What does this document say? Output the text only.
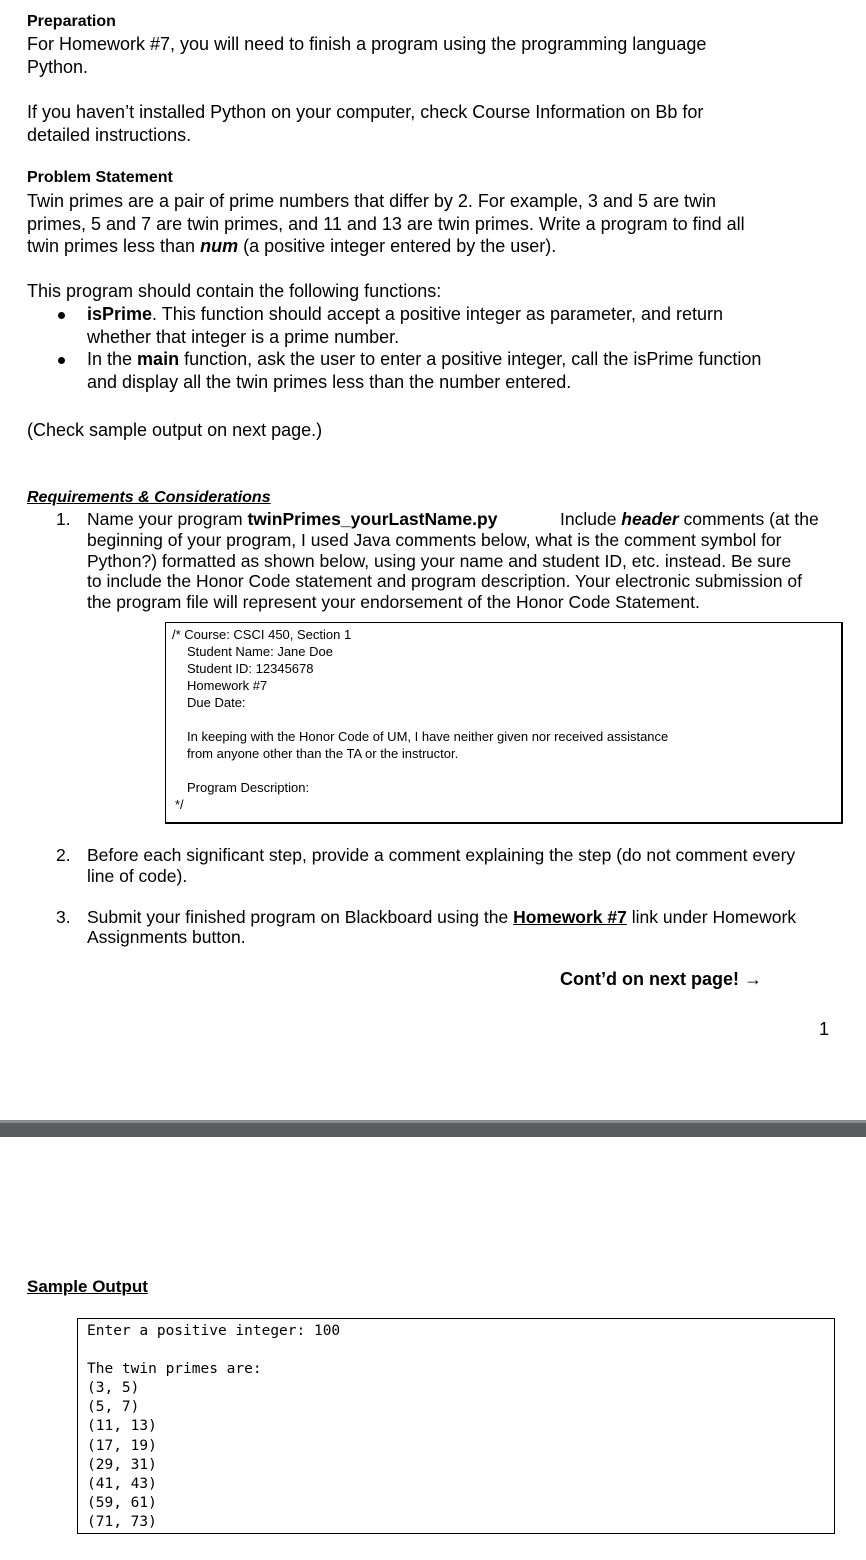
Preparation
For Homework #7, you will need to finish a program using the programming language
Python.
If you haven’t installed Python on your computer, check Course Information on Bb for
detailed instructions.
Problem Statement
Twin primes are a pair of prime numbers that differ by 2. For example, 3 and 5 are twin
primes, 5 and 7 are twin primes, and 11 and 13 are twin primes. Write a program to find all
twin primes less than num (a positive integer entered by the user).
This program should contain the following functions:
isPrime. This function should accept a positive integer as parameter, and return
whether that integer is a prime number.
In the main function, ask the user to enter a positive integer, call the isPrime function
and display all the twin primes less than the number entered.
(Check sample output on next page.)
Requirements & Considerations
1. Name your program twinPrimes_yourLastName.py	Include header comments (at the
beginning of your program, I used Java comments below, what is the comment symbol for
Python?) formatted as shown below, using your name and student ID, etc. instead. Be sure
to include the Honor Code statement and program description. Your electronic submission of
the program file will represent your endorsement of the Honor Code Statement.
/* Course: CSCI 450, Section 1
Student Name: Jane Doe
Student ID: 12345678
Homework #7
Due Date:
In keeping with the Honor Code of UM, I have neither given nor received assistance
from anyone other than the TA or the instructor.
Program Description:
*/
2. Before each significant step, provide a comment explaining the step (do not comment every
line of code).
3. Submit your finished program on Blackboard using the Homework #7 link under Homework
Assignments button.
Cont’d on next page! →
1
Sample Output
Enter a positive integer: 100
The twin primes are:
(3, 5)
(5, 7)
(11, 13)
(17, 19)
(29, 31)
(41, 43)
(59, 61)
(71, 73)
